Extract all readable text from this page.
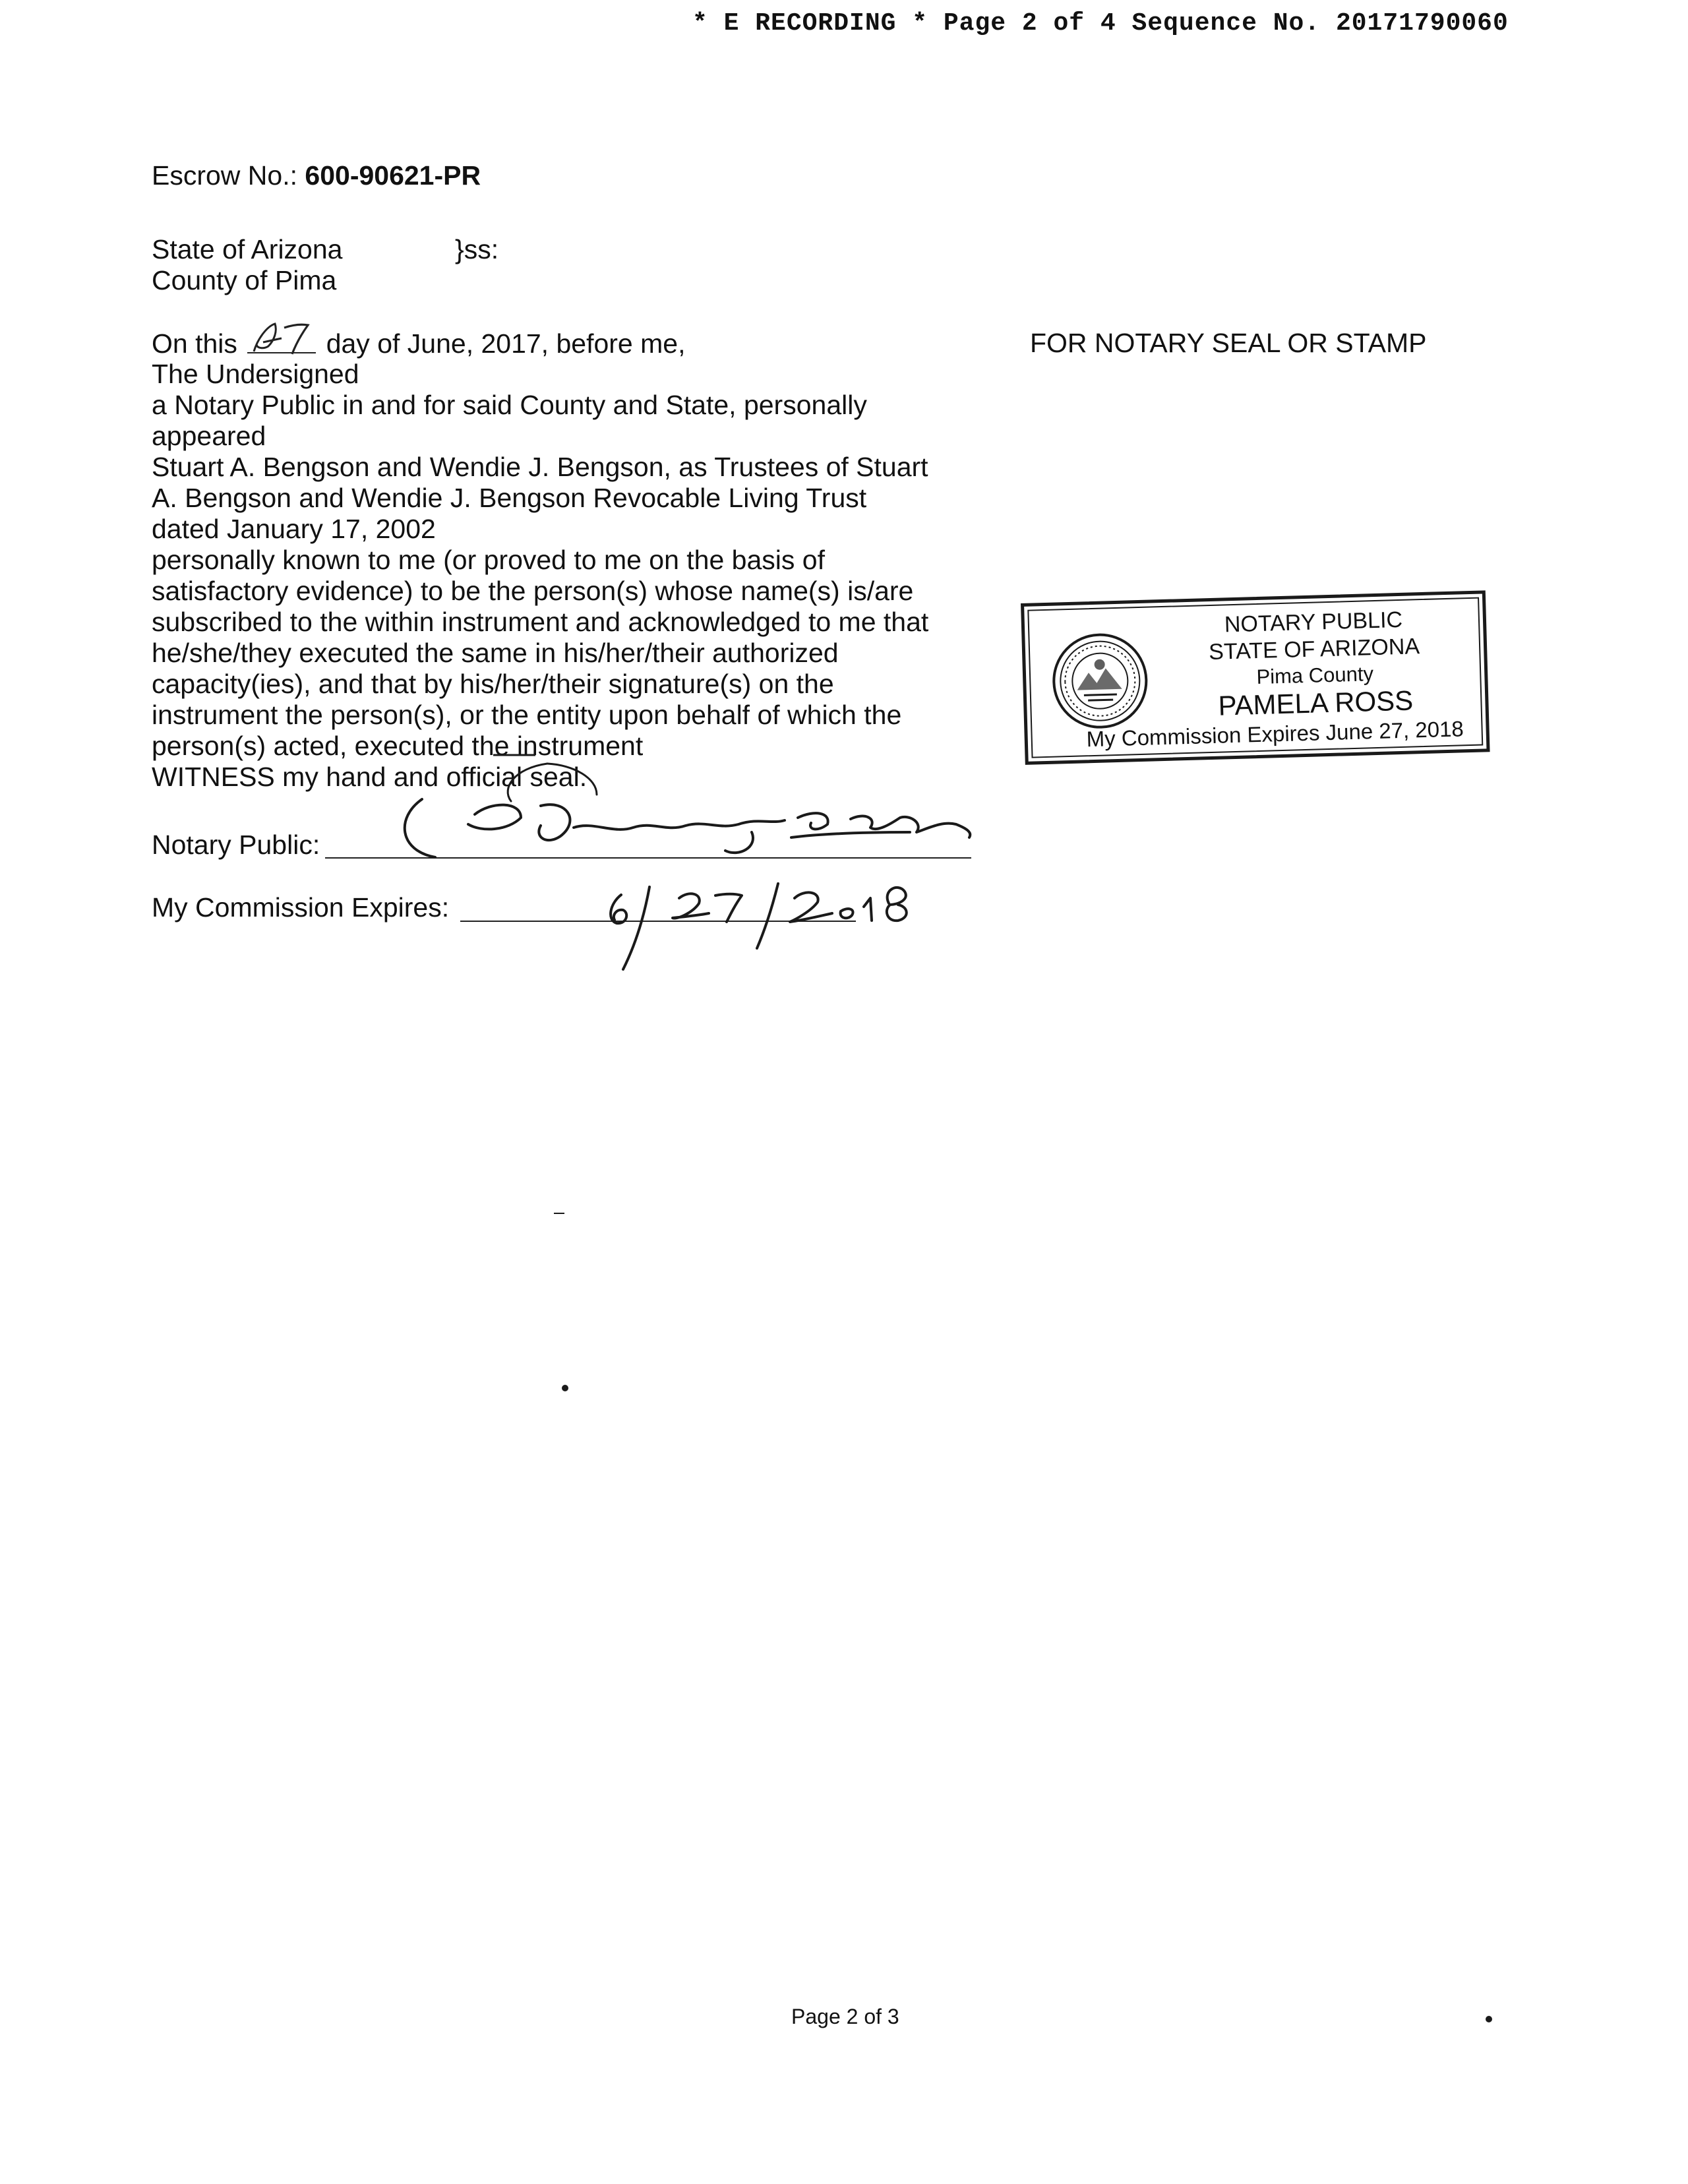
* E RECORDING * Page 2 of 4 Sequence No. 20171790060
Escrow No.: 600-90621-PR
State of Arizona	}ss:
County of Pima
On this	day of June, 2017, before me,
The Undersigned
a Notary Public in and for said County and State, personally
appeared
Stuart A. Bengson and Wendie J. Bengson, as Trustees of Stuart
A. Bengson and Wendie J. Bengson Revocable Living Trust
dated January 17, 2002
personally known to me (or proved to me on the basis of
satisfactory evidence) to be the person(s) whose name(s) is/are
subscribed to the within instrument and acknowledged to me that
he/she/they executed the same in his/her/their authorized
capacity(ies), and that by his/her/their signature(s) on the
instrument the person(s), or the entity upon behalf of which the
person(s) acted, executed the instrument
WITNESS my hand and official seal.
FOR NOTARY SEAL OR STAMP
NOTARY PUBLIC
STATE OF ARIZONA
Pima County
PAMELA ROSS
My Commission Expires June 27, 2018
Notary Public:
My Commission Expires:
Page 2 of 3
